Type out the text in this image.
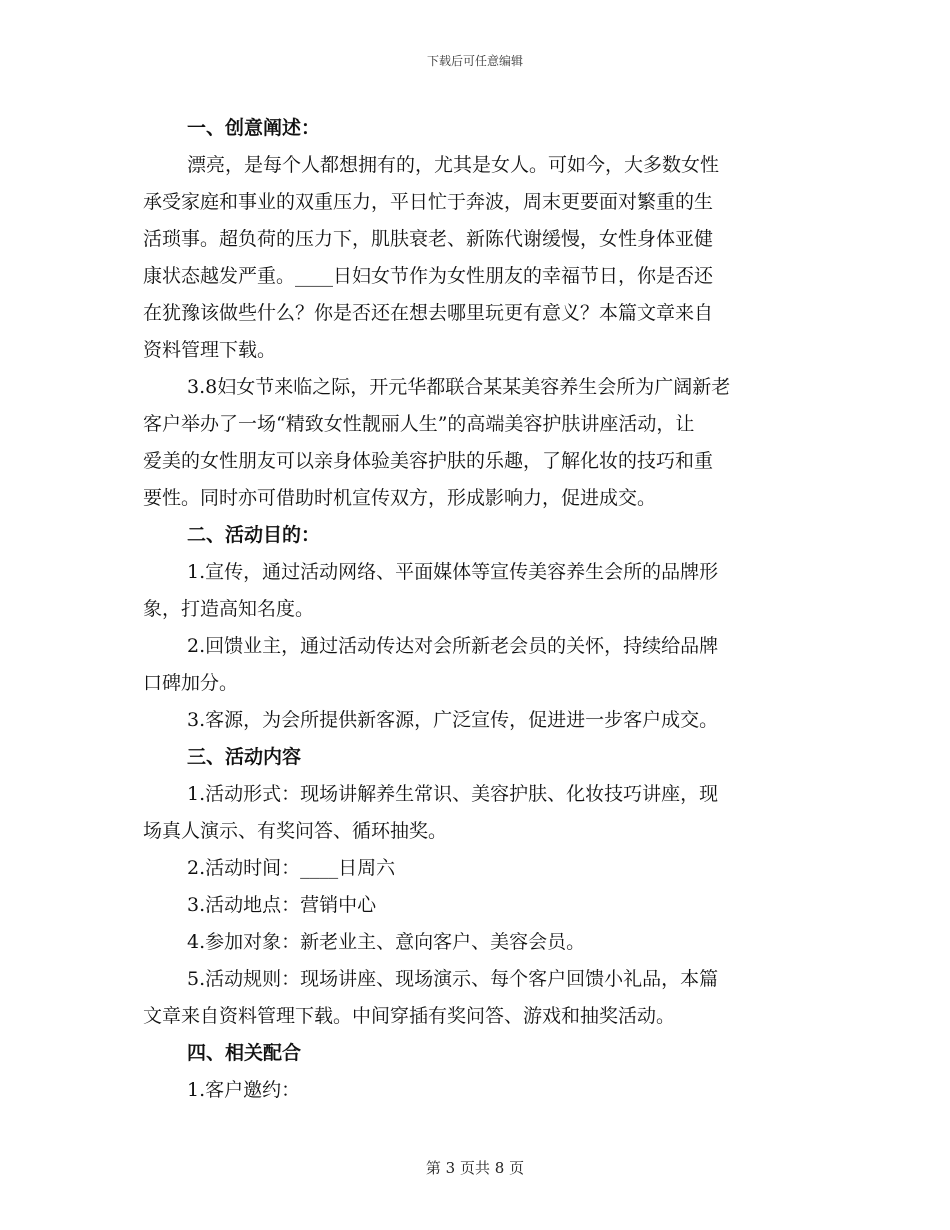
下载后可任意编辑
一、创意阐述：
漂亮，是每个人都想拥有的，尤其是女人。可如今，大多数女性
承受家庭和事业的双重压力，平日忙于奔波，周末更要面对繁重的生
活琐事。超负荷的压力下，肌肤衰老、新陈代谢缓慢，女性身体亚健
康状态越发严重。____日妇女节作为女性朋友的幸福节日，你是否还
在犹豫该做些什么？你是否还在想去哪里玩更有意义？本篇文章来自
资料管理下载。
3.8妇女节来临之际，开元华都联合某某美容养生会所为广阔新老
客户举办了一场“精致女性靓丽人生”的高端美容护肤讲座活动，让
爱美的女性朋友可以亲身体验美容护肤的乐趣，了解化妆的技巧和重
要性。同时亦可借助时机宣传双方，形成影响力，促进成交。
二、活动目的：
1.宣传，通过活动网络、平面媒体等宣传美容养生会所的品牌形
象，打造高知名度。
2.回馈业主，通过活动传达对会所新老会员的关怀，持续给品牌
口碑加分。
3.客源，为会所提供新客源，广泛宣传，促进进一步客户成交。
三、活动内容
1.活动形式：现场讲解养生常识、美容护肤、化妆技巧讲座，现
场真人演示、有奖问答、循环抽奖。
2.活动时间：____日周六
3.活动地点：营销中心
4.参加对象：新老业主、意向客户、美容会员。
5.活动规则：现场讲座、现场演示、每个客户回馈小礼品，本篇
文章来自资料管理下载。中间穿插有奖问答、游戏和抽奖活动。
四、相关配合
1.客户邀约：
第 3 页共 8 页
